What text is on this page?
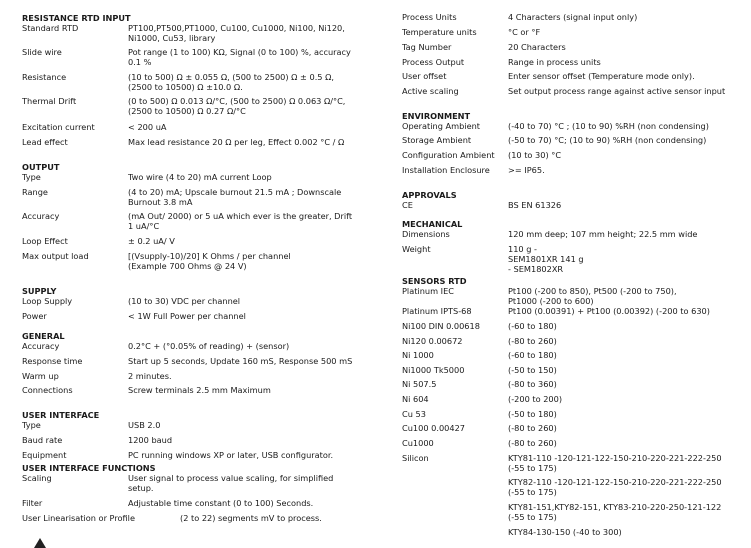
RESISTANCE RTD INPUT
Standard RTD	PT100,PT500,PT1000, Cu100, Cu1000, Ni100, Ni120, Ni1000, Cu53, library
Slide wire	Pot range (1 to 100) KΩ, Signal (0 to 100) %, accuracy 0.1 %
Resistance	(10 to 500) Ω ± 0.055 Ω, (500 to 2500) Ω ± 0.5 Ω, (2500 to 10500) Ω ±10.0 Ω.
Thermal Drift	(0 to 500) Ω 0.013 Ω/°C, (500 to 2500) Ω 0.063 Ω/°C, (2500 to 10500) Ω 0.27 Ω/°C
Excitation current	< 200 uA
Lead effect	Max lead resistance 20 Ω per leg, Effect 0.002 °C / Ω
OUTPUT
Type	Two wire (4 to 20) mA current Loop
Range	(4 to 20) mA; Upscale burnout 21.5 mA ; Downscale Burnout 3.8 mA
Accuracy	(mA Out/ 2000) or 5 uA which ever is the greater, Drift 1 uA/°C
Loop Effect	± 0.2 uA/ V
Max output load	[(Vsupply-10)/20] K Ohms / per channel (Example 700 Ohms @ 24 V)
SUPPLY
Loop Supply	(10 to 30) VDC per channel
Power	< 1W Full Power per channel
GENERAL
Accuracy	0.2°C + (°0.05% of reading) + (sensor)
Response time	Start up 5 seconds, Update 160 mS, Response 500 mS
Warm up	2 minutes.
Connections	Screw terminals 2.5 mm Maximum
USER INTERFACE
Type	USB 2.0
Baud rate	1200 baud
Equipment	PC running windows XP or later, USB configurator.
USER INTERFACE FUNCTIONS
Scaling	User signal to process value scaling, for simplified setup.
Filter	Adjustable time constant (0 to 100) Seconds.
User Linearisation or Profile	(2 to 22) segments mV to process.
Process Units	4 Characters (signal input only)
Temperature units	°C or °F
Tag Number	20 Characters
Process Output	Range in process units
User offset	Enter sensor offset (Temperature mode only).
Active scaling	Set output process range against active sensor input
ENVIRONMENT
Operating Ambient	(-40 to 70) °C ; (10 to 90) %RH (non condensing)
Storage Ambient	(-50 to 70) °C; (10 to 90) %RH (non condensing)
Configuration Ambient (10 to 30) °C
Installation Enclosure >= IP65.
APPROVALS
CE	BS EN 61326
MECHANICAL
Dimensions	120 mm deep; 107 mm height; 22.5 mm wide
Weight	110 g - SEM1801XR 141 g - SEM1802XR
SENSORS RTD
Platinum IEC	Pt100 (-200 to 850), Pt500 (-200 to 750), Pt1000 (-200 to 600)
Platinum IPTS-68	Pt100 (0.00391) + Pt100 (0.00392) (-200 to 630)
Ni100 DIN 0.00618	(-60 to 180)
Ni120 0.00672	(-80 to 260)
Ni 1000	(-60 to 180)
Ni1000 Tk5000	(-50 to 150)
Ni 507.5	(-80 to 360)
Ni 604	(-200 to 200)
Cu 53	(-50 to 180)
Cu100 0.00427	(-80 to 260)
Cu1000	(-80 to 260)
Silicon	KTY81-110 -120-121-122-150-210-220-221-222-250 (-55 to 175)
KTY82-110 -120-121-122-150-210-220-221-222-250 (-55 to 175)
KTY81-151,KTY82-151, KTY83-210-220-250-121-122 (-55 to 175)
KTY84-130-150 (-40 to 300)
